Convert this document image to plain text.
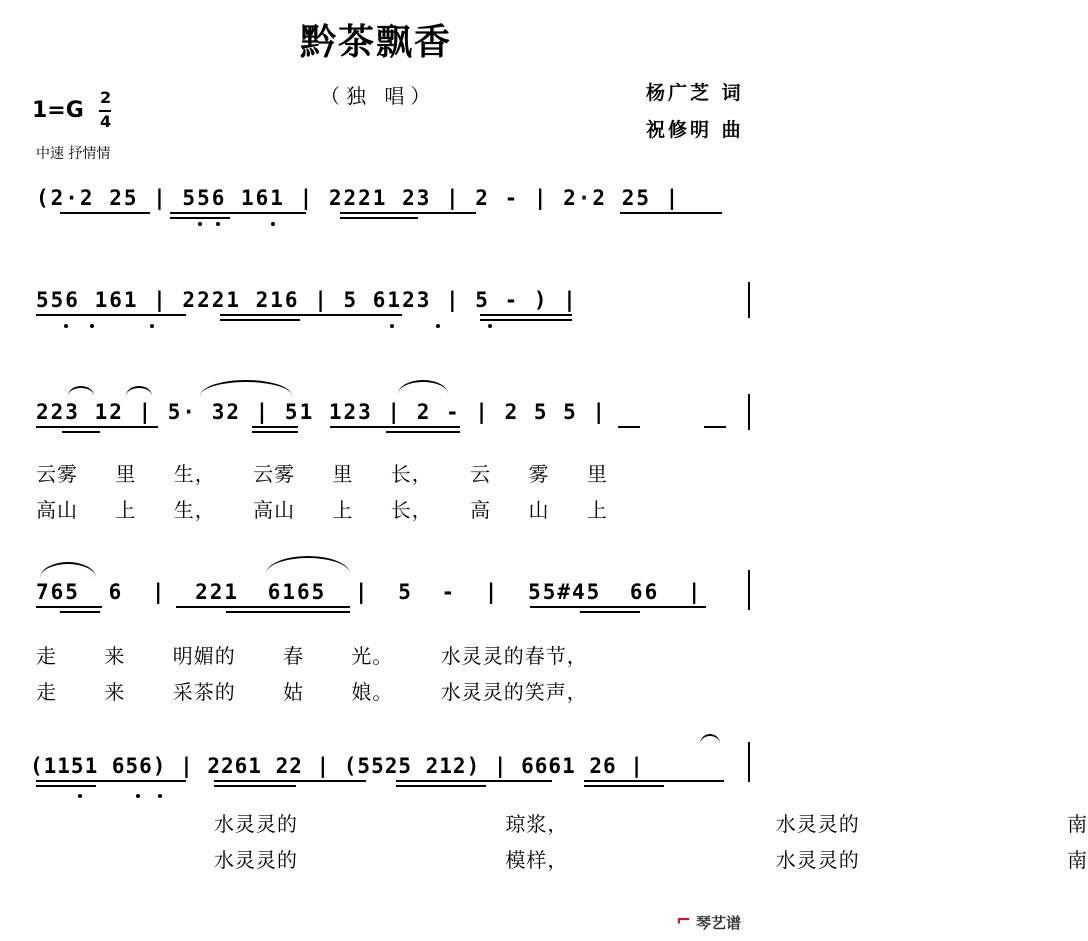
黔茶飘香
（独 唱）	杨广芝 词
祝修明 曲
1=G
2
4
中速 抒情情
(2·2 25 | 556 161 | 2221 23 | 2 - | 2·2 25 |
556 161 | 2221 216 | 5 6123 | 5 - ) |
223 12 | 5· 32 | 51 123 | 2 - | 2 5 5 |
云雾 里 生， 云雾 里 长， 云 雾 里
高山 上 生， 高山 上 长， 高 山 上
765 6 | 221 6165 | 5 - | 55#45 66 |
走 来 明媚的 春 光。 水灵灵的春节，
走 来 采茶的 姑 娘。 水灵灵的笑声，
(1151 656) | 2261 22 | (5525 212) | 6661 26 |
水灵灵的 琼浆， 水灵灵的 南
水灵灵的 模样， 水灵灵的 南
⌐ 琴艺谱
